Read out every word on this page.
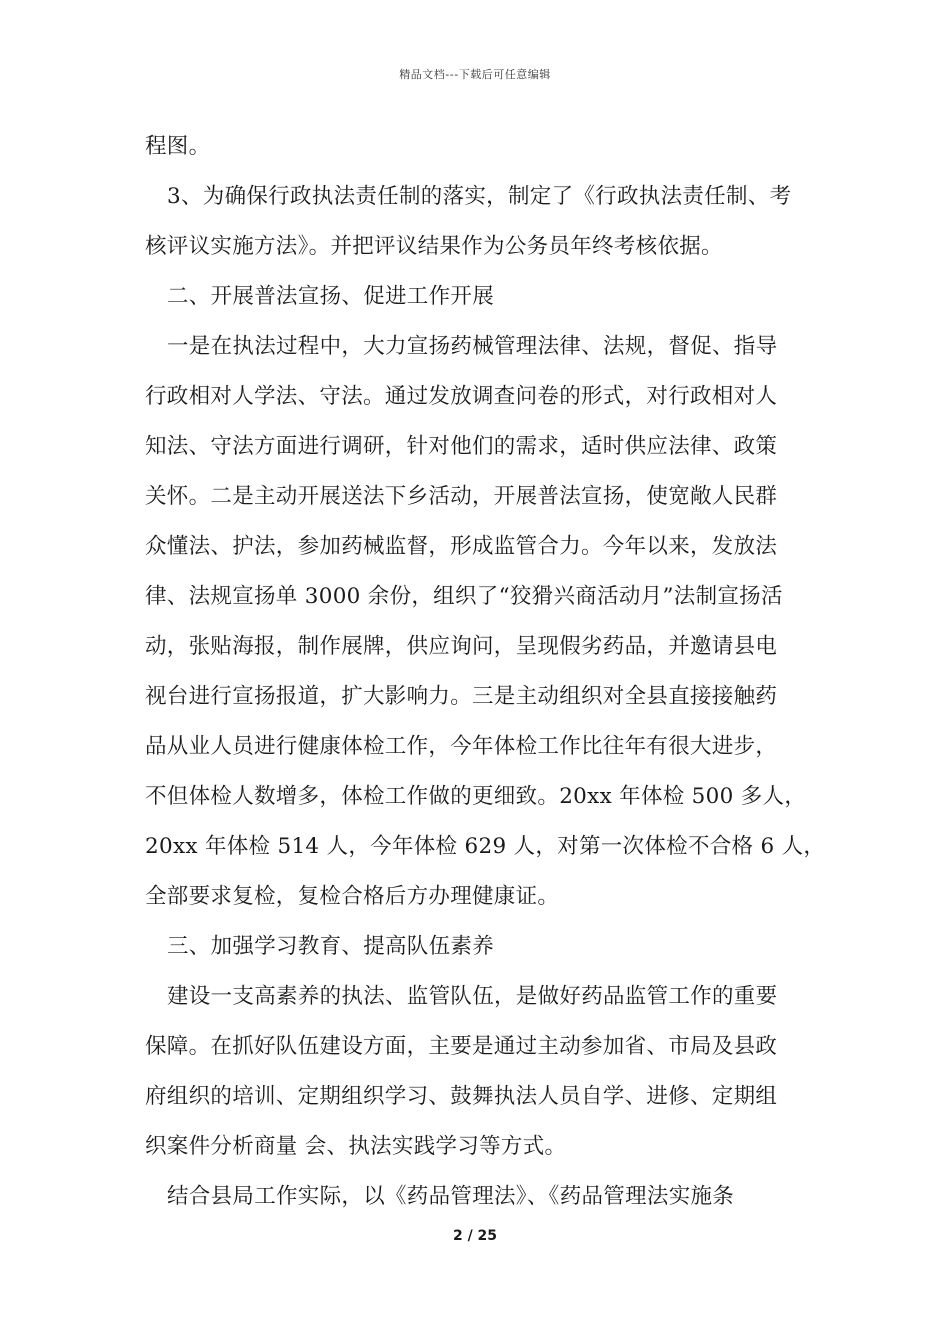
精品文档---下载后可任意编辑
程图。
3、为确保行政执法责任制的落实，制定了《行政执法责任制、考
核评议实施方法》。并把评议结果作为公务员年终考核依据。
二、开展普法宣扬、促进工作开展
一是在执法过程中，大力宣扬药械管理法律、法规，督促、指导
行政相对人学法、守法。通过发放调查问卷的形式，对行政相对人
知法、守法方面进行调研，针对他们的需求，适时供应法律、政策
关怀。二是主动开展送法下乡活动，开展普法宣扬，使宽敞人民群
众懂法、护法，参加药械监督，形成监管合力。今年以来，发放法
律、法规宣扬单 3000 余份，组织了“狡猾兴商活动月”法制宣扬活
动，张贴海报，制作展牌，供应询问，呈现假劣药品，并邀请县电
视台进行宣扬报道，扩大影响力。三是主动组织对全县直接接触药
品从业人员进行健康体检工作，今年体检工作比往年有很大进步，
不但体检人数增多，体检工作做的更细致。20xx 年体检 500 多人，
20xx 年体检 514 人，今年体检 629 人，对第一次体检不合格 6 人，
全部要求复检，复检合格后方办理健康证。
三、加强学习教育、提高队伍素养
建设一支高素养的执法、监管队伍，是做好药品监管工作的重要
保障。在抓好队伍建设方面，主要是通过主动参加省、市局及县政
府组织的培训、定期组织学习、鼓舞执法人员自学、进修、定期组
织案件分析商量 会、执法实践学习等方式。
结合县局工作实际，以《药品管理法》、《药品管理法实施条
2 / 25
